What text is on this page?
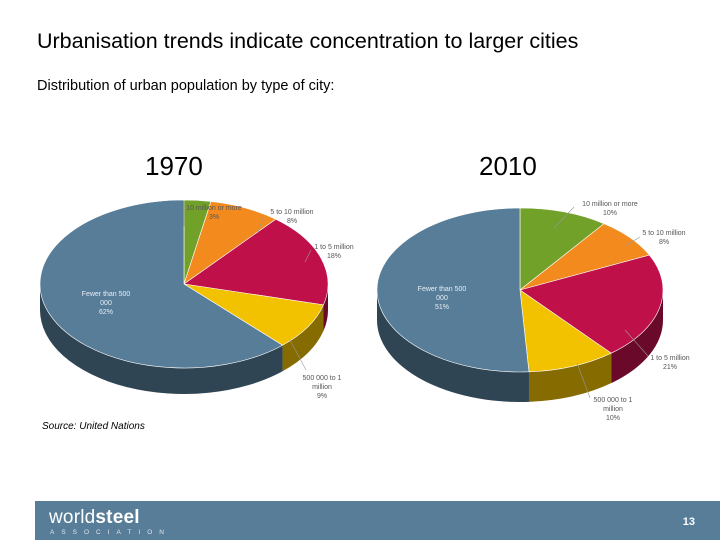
Urbanisation trends indicate concentration to larger cities
Distribution of urban population by type of city:
1970	2010
10 million or more 3%
5 to 10 million 8%
1 to 5 million 18%
500 000 to 1 million 9%
Fewer than 500 000 62%
10 million or more 10%
5 to 10 million 8%
1 to 5 million 21%
500 000 to 1 million 10%
Fewer than 500 000 51%
Source: United Nations
worldsteel
ASSOCIATION
13
